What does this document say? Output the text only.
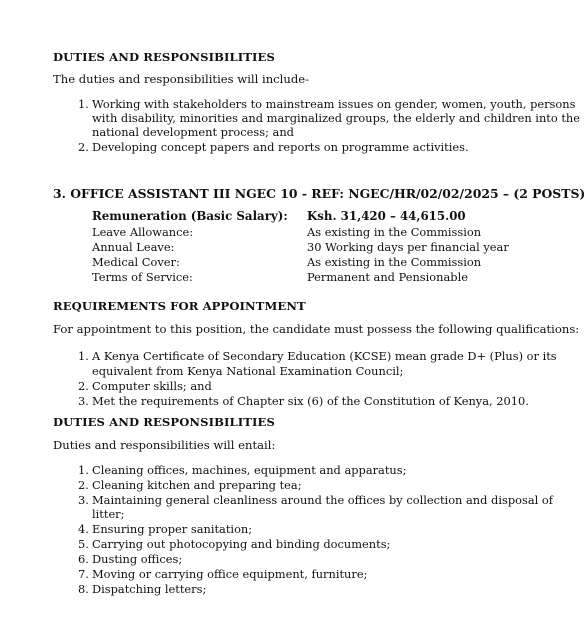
DUTIES AND RESPONSIBILITIES
The duties and responsibilities will include-
1. Working with stakeholders to mainstream issues on gender, women, youth, persons
with disability, minorities and marginalized groups, the elderly and children into the
national development process; and
2. Developing concept papers and reports on programme activities.
3. OFFICE ASSISTANT III NGEC 10 - REF: NGEC/HR/02/02/2025 – (2 POSTS)
Remuneration (Basic Salary): Ksh. 31,420 – 44,615.00
Leave Allowance:	As existing in the Commission
Annual Leave:	30 Working days per financial year
Medical Cover:	As existing in the Commission
Terms of Service:	Permanent and Pensionable
REQUIREMENTS FOR APPOINTMENT
For appointment to this position, the candidate must possess the following qualifications:
1. A Kenya Certificate of Secondary Education (KCSE) mean grade D+ (Plus) or its
equivalent from Kenya National Examination Council;
2. Computer skills; and
3. Met the requirements of Chapter six (6) of the Constitution of Kenya, 2010.
DUTIES AND RESPONSIBILITIES
Duties and responsibilities will entail:
1. Cleaning offices, machines, equipment and apparatus;
2. Cleaning kitchen and preparing tea;
3. Maintaining general cleanliness around the offices by collection and disposal of
litter;
4. Ensuring proper sanitation;
5. Carrying out photocopying and binding documents;
6. Dusting offices;
7. Moving or carrying office equipment, furniture;
8. Dispatching letters;
